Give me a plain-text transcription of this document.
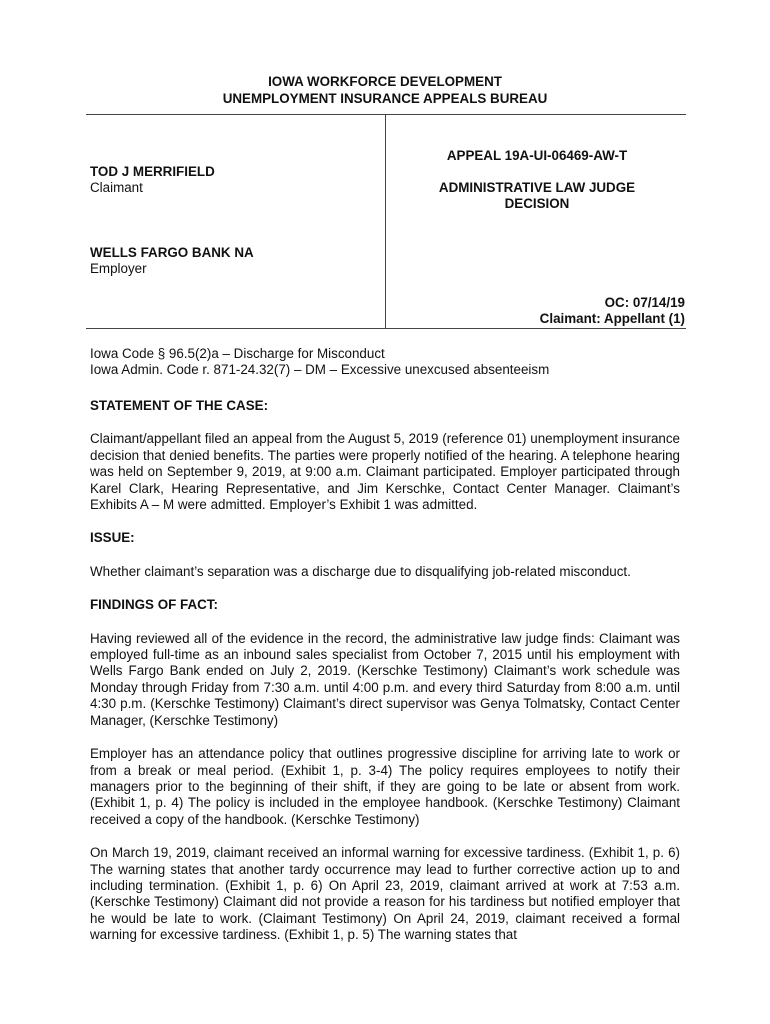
IOWA WORKFORCE DEVELOPMENT
UNEMPLOYMENT INSURANCE APPEALS BUREAU
TOD J MERRIFIELD
Claimant
WELLS FARGO BANK NA
Employer
APPEAL 19A-UI-06469-AW-T
ADMINISTRATIVE LAW JUDGE
DECISION
OC: 07/14/19
Claimant: Appellant (1)
Iowa Code § 96.5(2)a – Discharge for Misconduct
Iowa Admin. Code r. 871-24.32(7) – DM – Excessive unexcused absenteeism
STATEMENT OF THE CASE:
Claimant/appellant filed an appeal from the August 5, 2019 (reference 01) unemployment insurance decision that denied benefits. The parties were properly notified of the hearing. A telephone hearing was held on September 9, 2019, at 9:00 a.m. Claimant participated. Employer participated through Karel Clark, Hearing Representative, and Jim Kerschke, Contact Center Manager. Claimant’s Exhibits A – M were admitted. Employer’s Exhibit 1 was admitted.
ISSUE:
Whether claimant’s separation was a discharge due to disqualifying job-related misconduct.
FINDINGS OF FACT:
Having reviewed all of the evidence in the record, the administrative law judge finds: Claimant was employed full-time as an inbound sales specialist from October 7, 2015 until his employment with Wells Fargo Bank ended on July 2, 2019. (Kerschke Testimony) Claimant’s work schedule was Monday through Friday from 7:30 a.m. until 4:00 p.m. and every third Saturday from 8:00 a.m. until 4:30 p.m. (Kerschke Testimony) Claimant’s direct supervisor was Genya Tolmatsky, Contact Center Manager, (Kerschke Testimony)
Employer has an attendance policy that outlines progressive discipline for arriving late to work or from a break or meal period. (Exhibit 1, p. 3-4) The policy requires employees to notify their managers prior to the beginning of their shift, if they are going to be late or absent from work. (Exhibit 1, p. 4) The policy is included in the employee handbook. (Kerschke Testimony) Claimant received a copy of the handbook. (Kerschke Testimony)
On March 19, 2019, claimant received an informal warning for excessive tardiness. (Exhibit 1, p. 6) The warning states that another tardy occurrence may lead to further corrective action up to and including termination. (Exhibit 1, p. 6) On April 23, 2019, claimant arrived at work at 7:53 a.m. (Kerschke Testimony) Claimant did not provide a reason for his tardiness but notified employer that he would be late to work. (Claimant Testimony) On April 24, 2019, claimant received a formal warning for excessive tardiness. (Exhibit 1, p. 5) The warning states that
